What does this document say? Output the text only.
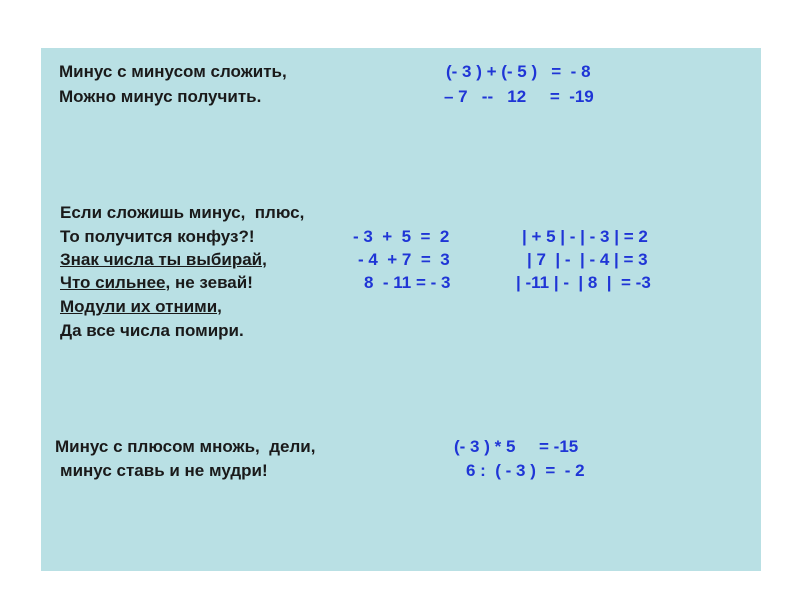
Минус с минусом сложить,
Можно минус получить.
(- 3 ) + (- 5 )   =  - 8
– 7   --   12     =  -19
Если сложишь минус,  плюс,
То получится конфуз?!
Знак числа ты выбирай,
Что сильнее, не зевай!
Модули их отними,
Да все числа помири.
- 3  +  5  =  2
- 4  + 7  =  3
8  - 11 = - 3
| + 5 | - | - 3 | = 2
| 7  | -  | - 4 | = 3
| -11 | -  | 8  |  = -3
Минус с плюсом множь,  дели,
минус ставь и не мудри!
(- 3 ) * 5     = -15
6 :  ( - 3 )  =  - 2
